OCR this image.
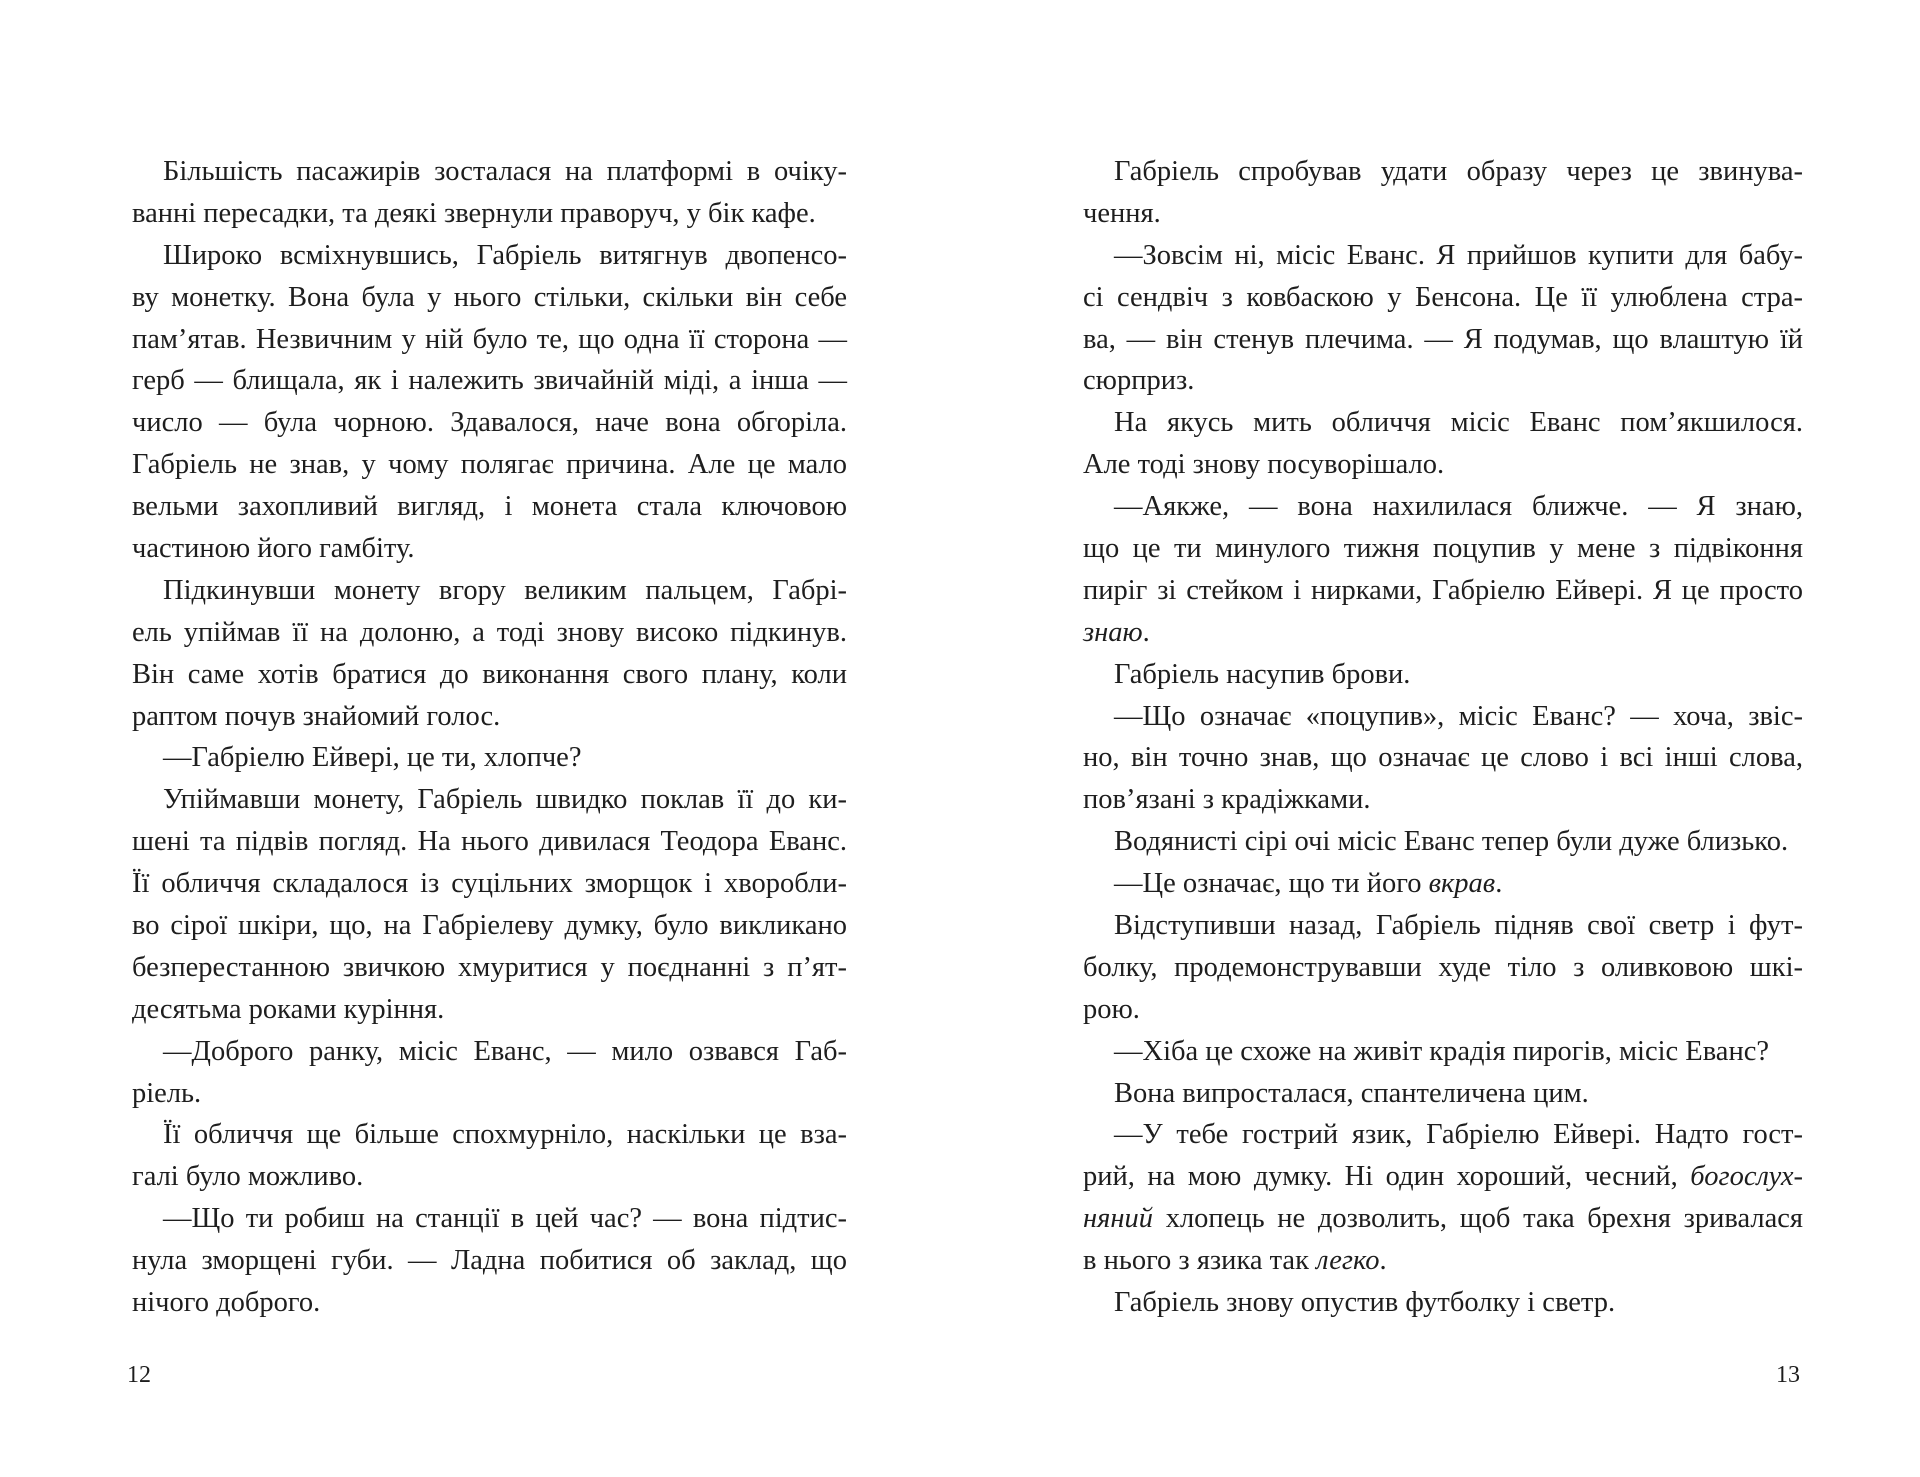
Більшість пасажирів зосталася на платформі в очіку-
ванні пересадки, та деякі звернули праворуч, у бік кафе.
Широко всміхнувшись, Габріель витягнув двопенсо-
ву монетку. Вона була у нього стільки, скільки він себе
пам’ятав. Незвичним у ній було те, що одна її сторона —
герб — блищала, як і належить звичайній міді, а інша —
число — була чорною. Здавалося, наче вона обгоріла.
Габріель не знав, у чому полягає причина. Але це мало
вельми захопливий вигляд, і монета стала ключовою
частиною його гамбіту.
Підкинувши монету вгору великим пальцем, Габрі-
ель упіймав її на долоню, а тоді знову високо підкинув.
Він саме хотів братися до виконання свого плану, коли
раптом почув знайомий голос.
—Габріелю Ейвері, це ти, хлопче?
Упіймавши монету, Габріель швидко поклав її до ки-
шені та підвів погляд. На нього дивилася Теодора Еванс.
Її обличчя складалося із суцільних зморщок і хворобли-
во сірої шкіри, що, на Габріелеву думку, було викликано
безперестанною звичкою хмуритися у поєднанні з п’ят-
десятьма роками куріння.
—Доброго ранку, місіс Еванс, — мило озвався Габ-
ріель.
Її обличчя ще більше спохмурніло, наскільки це вза-
галі було можливо.
—Що ти робиш на станції в цей час? — вона підтис-
нула зморщені губи. — Ладна побитися об заклад, що
нічого доброго.
Габріель спробував удати образу через це звинува-
чення.
—Зовсім ні, місіс Еванс. Я прийшов купити для бабу-
сі сендвіч з ковбаскою у Бенсона. Це її улюблена стра-
ва, — він стенув плечима. — Я подумав, що влаштую їй
сюрприз.
На якусь мить обличчя місіс Еванс пом’якшилося.
Але тоді знову посуворішало.
—Аякже, — вона нахилилася ближче. — Я знаю,
що це ти минулого тижня поцупив у мене з підвіконня
пиріг зі стейком і нирками, Габріелю Ейвері. Я це просто
знаю.
Габріель насупив брови.
—Що означає «поцупив», місіс Еванс? — хоча, звіс-
но, він точно знав, що означає це слово і всі інші слова,
пов’язані з крадіжками.
Водянисті сірі очі місіс Еванс тепер були дуже близько.
—Це означає, що ти його вкрав.
Відступивши назад, Габріель підняв свої светр і фут-
болку, продемонструвавши худе тіло з оливковою шкі-
рою.
—Хіба це схоже на живіт крадія пирогів, місіс Еванс?
Вона випросталася, спантеличена цим.
—У тебе гострий язик, Габріелю Ейвері. Надто гост-
рий, на мою думку. Ні один хороший, чесний, богослух-
няний хлопець не дозволить, щоб така брехня зривалася
в нього з язика так легко.
Габріель знову опустив футболку і светр.
12	13
